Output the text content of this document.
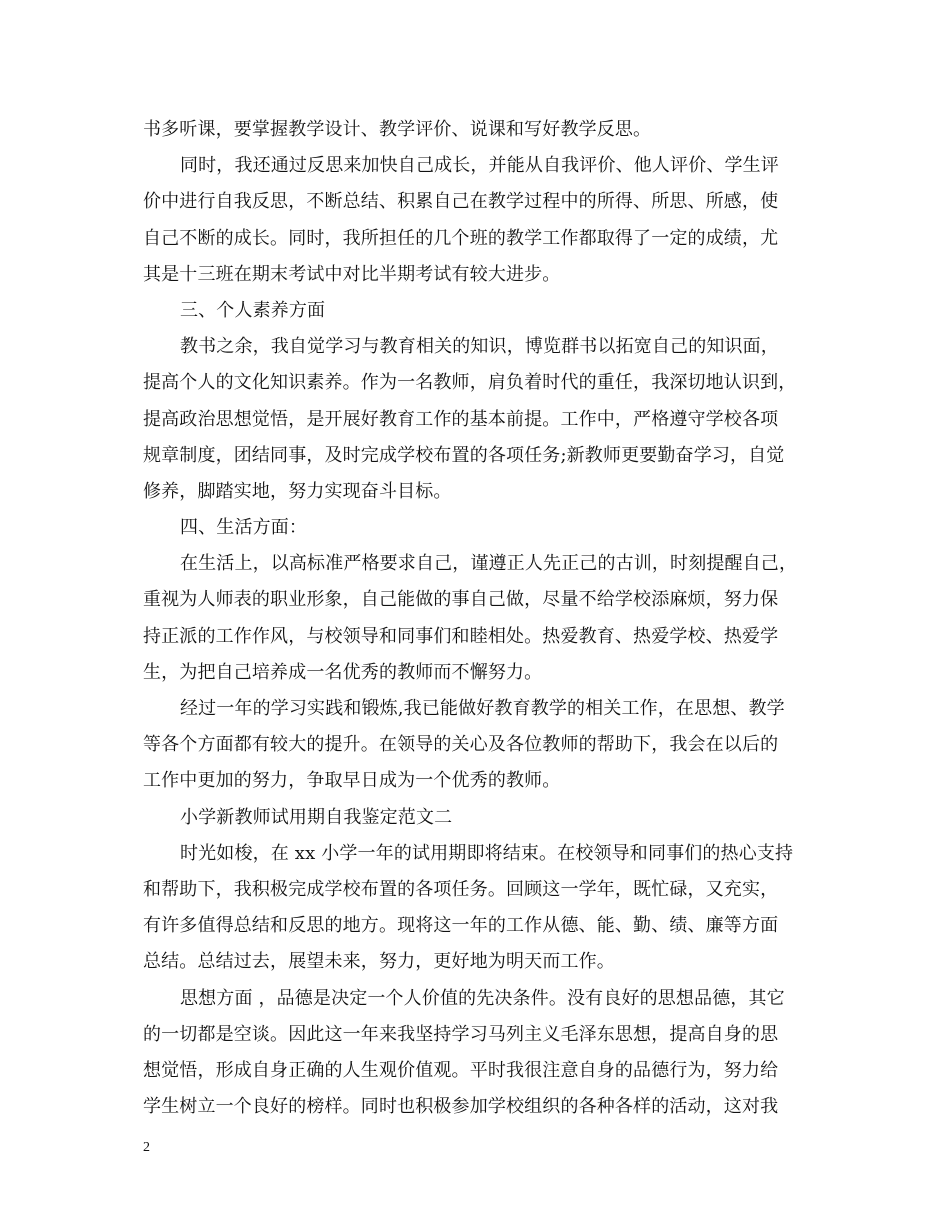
书多听课，要掌握教学设计、教学评价、说课和写好教学反思。
同时，我还通过反思来加快自己成长，并能从自我评价、他人评价、学生评
价中进行自我反思，不断总结、积累自己在教学过程中的所得、所思、所感，使
自己不断的成长。同时，我所担任的几个班的教学工作都取得了一定的成绩，尤
其是十三班在期末考试中对比半期考试有较大进步。
三、个人素养方面
教书之余，我自觉学习与教育相关的知识，博览群书以拓宽自己的知识面，
提高个人的文化知识素养。作为一名教师，肩负着时代的重任，我深切地认识到，
提高政治思想觉悟，是开展好教育工作的基本前提。工作中，严格遵守学校各项
规章制度，团结同事，及时完成学校布置的各项任务;新教师更要勤奋学习，自觉
修养，脚踏实地，努力实现奋斗目标。
四、生活方面：
在生活上，以高标准严格要求自己，谨遵正人先正己的古训，时刻提醒自己，
重视为人师表的职业形象，自己能做的事自己做，尽量不给学校添麻烦，努力保
持正派的工作作风，与校领导和同事们和睦相处。热爱教育、热爱学校、热爱学
生，为把自己培养成一名优秀的教师而不懈努力。
经过一年的学习实践和锻炼,我已能做好教育教学的相关工作，在思想、教学
等各个方面都有较大的提升。在领导的关心及各位教师的帮助下，我会在以后的
工作中更加的努力，争取早日成为一个优秀的教师。
小学新教师试用期自我鉴定范文二
时光如梭，在 xx 小学一年的试用期即将结束。在校领导和同事们的热心支持
和帮助下，我积极完成学校布置的各项任务。回顾这一学年，既忙碌，又充实，
有许多值得总结和反思的地方。现将这一年的工作从德、能、勤、绩、廉等方面
总结。总结过去，展望未来，努力，更好地为明天而工作。
思想方面 ，品德是决定一个人价值的先决条件。没有良好的思想品德，其它
的一切都是空谈。因此这一年来我坚持学习马列主义毛泽东思想，提高自身的思
想觉悟，形成自身正确的人生观价值观。平时我很注意自身的品德行为，努力给
学生树立一个良好的榜样。同时也积极参加学校组织的各种各样的活动，这对我
2
